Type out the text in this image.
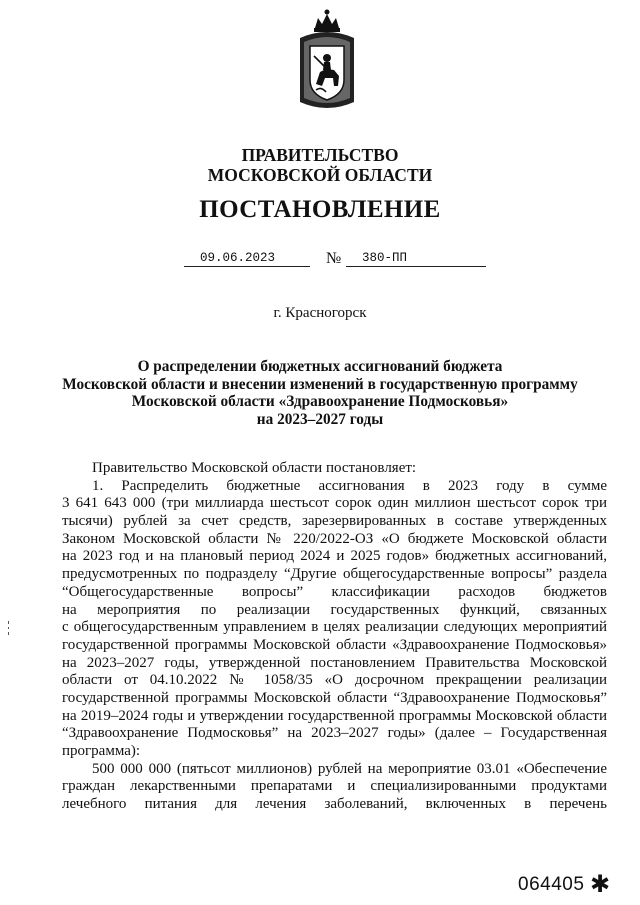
ПРАВИТЕЛЬСТВО
МОСКОВСКОЙ ОБЛАСТИ
ПОСТАНОВЛЕНИЕ
09.06.2023	№ 380-ПП
г. Красногорск
О распределении бюджетных ассигнований бюджета
Московской области и внесении изменений в государственную программу
Московской области «Здравоохранение Подмосковья»
на 2023–2027 годы
Правительство Московской области постановляет:
1. Распределить бюджетные ассигнования в 2023 году в сумме
3 641 643 000 (три миллиарда шестьсот сорок один миллион шестьсот сорок три
тысячи) рублей за счет средств, зарезервированных в составе утвержденных
Законом Московской области № 220/2022-ОЗ «О бюджете Московской области
на 2023 год и на плановый период 2024 и 2025 годов» бюджетных ассигнований,
предусмотренных по подразделу “Другие общегосударственные вопросы” раздела
“Общегосударственные вопросы” классификации расходов бюджетов
на мероприятия по реализации государственных функций, связанных
с общегосударственным управлением в целях реализации следующих мероприятий
государственной программы Московской области «Здравоохранение Подмосковья»
на 2023–2027 годы, утвержденной постановлением Правительства Московской
области от 04.10.2022 № 1058/35 «О досрочном прекращении реализации
государственной программы Московской области “Здравоохранение Подмосковья”
на 2019–2024 годы и утверждении государственной программы Московской области
“Здравоохранение Подмосковья” на 2023–2027 годы» (далее – Государственная
программа):
500 000 000 (пятьсот миллионов) рублей на мероприятие 03.01 «Обеспечение
граждан лекарственными препаратами и специализированными продуктами
лечебного питания для лечения заболеваний, включенных в перечень
064405 ✱
